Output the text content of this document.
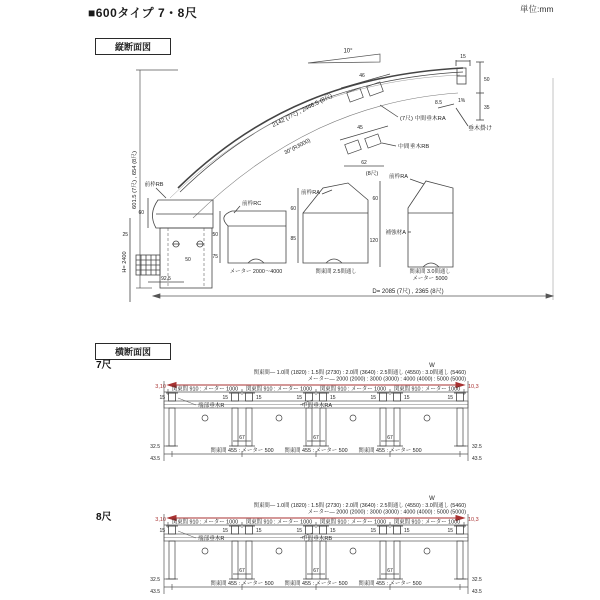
■600タイプ 7・8尺	単位:mm
縦断面図
601.5 (7尺) , 654 (8尺)
2142 (7尺) , 2446.5 (8尺)
30°(R3000)
10°
15
50
35
8.5	1%
垂木掛け
46
(7尺) 中間垂木RA
45
62
(8尺)
中間垂木RB
前枠RB
60
25
50
H= 2400
92.5
前枠RC
50
75
メーター 2000〜4000
前枠RA
60
85
関東間 2.5間通し
前枠RA
補強材A
60
120
関東間 3.0間通し
メーター 5000
D= 2085 (7尺) , 2365 (8尺)
横断面図
7尺	W
関東間— 1.0間 (1820) : 1.5間 (2730) : 2.0間 (3640) : 2.5間通し (4550) : 3.0間通し (5460)
メーター— 2000 (2000) : 3000 (3000) : 4000 (4000) : 5000 (5000)
3,10	10,3
関東間 910 : メーター 1000 関東間 910 : メーター 1000 関東間 910 : メーター 1000 関東間 910 : メーター 1000
15	15	15	15	15	15	15	15
67	67	67
関東間 455 : メーター 500 関東間 455 : メーター 500 関東間 455 : メーター 500
32.5
43.5
32.5
43.5
端部垂木R	中間垂木RA
8尺
W
関東間— 1.0間 (1820) : 1.5間 (2730) : 2.0間 (3640) : 2.5間通し (4550) : 3.0間通し (5460)
メーター— 2000 (2000) : 3000 (3000) : 4000 (4000) : 5000 (5000)
3,10	10,3
関東間 910 : メーター 1000 関東間 910 : メーター 1000 関東間 910 : メーター 1000 関東間 910 : メーター 1000
15	15	15	15	15	15	15	15
67	67	67
関東間 455 : メーター 500 関東間 455 : メーター 500 関東間 455 : メーター 500
32.5
43.5
32.5
43.5
端部垂木R	中間垂木RB
